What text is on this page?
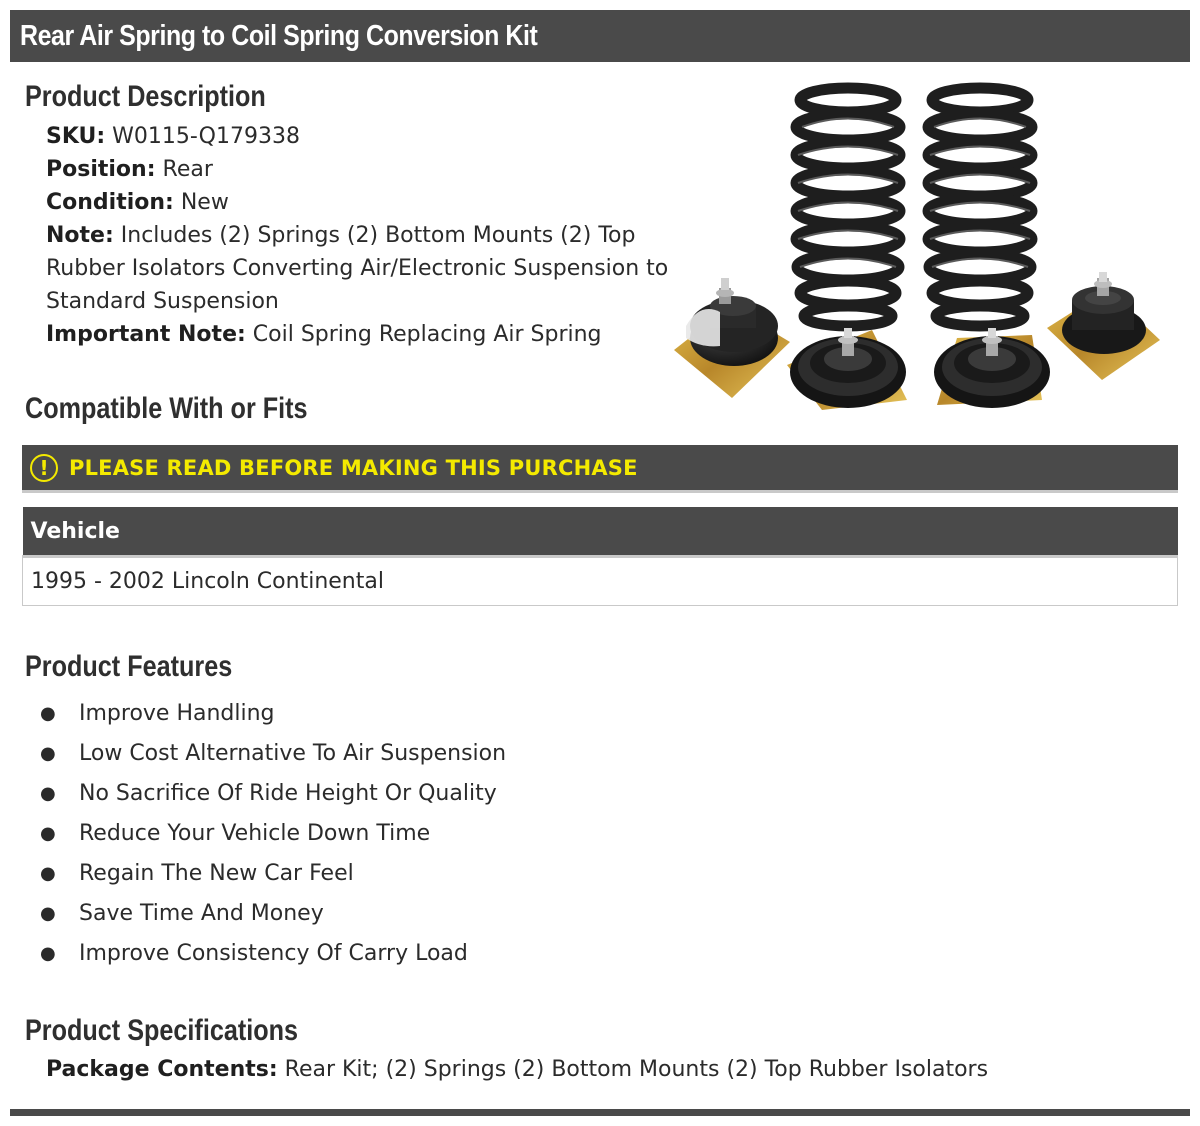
Rear Air Spring to Coil Spring Conversion Kit
Product Description
SKU: W0115-Q179338
Position: Rear
Condition: New
Note: Includes (2) Springs (2) Bottom Mounts (2) Top Rubber Isolators Converting Air/Electronic Suspension to Standard Suspension
Important Note: Coil Spring Replacing Air Spring
Compatible With or Fits
! PLEASE READ BEFORE MAKING THIS PURCHASE
Vehicle
1995 - 2002 Lincoln Continental
Product Features
●	Improve Handling
●	Low Cost Alternative To Air Suspension
●	No Sacrifice Of Ride Height Or Quality
●	Reduce Your Vehicle Down Time
●	Regain The New Car Feel
●	Save Time And Money
●	Improve Consistency Of Carry Load
Product Specifications
Package Contents: Rear Kit; (2) Springs (2) Bottom Mounts (2) Top Rubber Isolators
